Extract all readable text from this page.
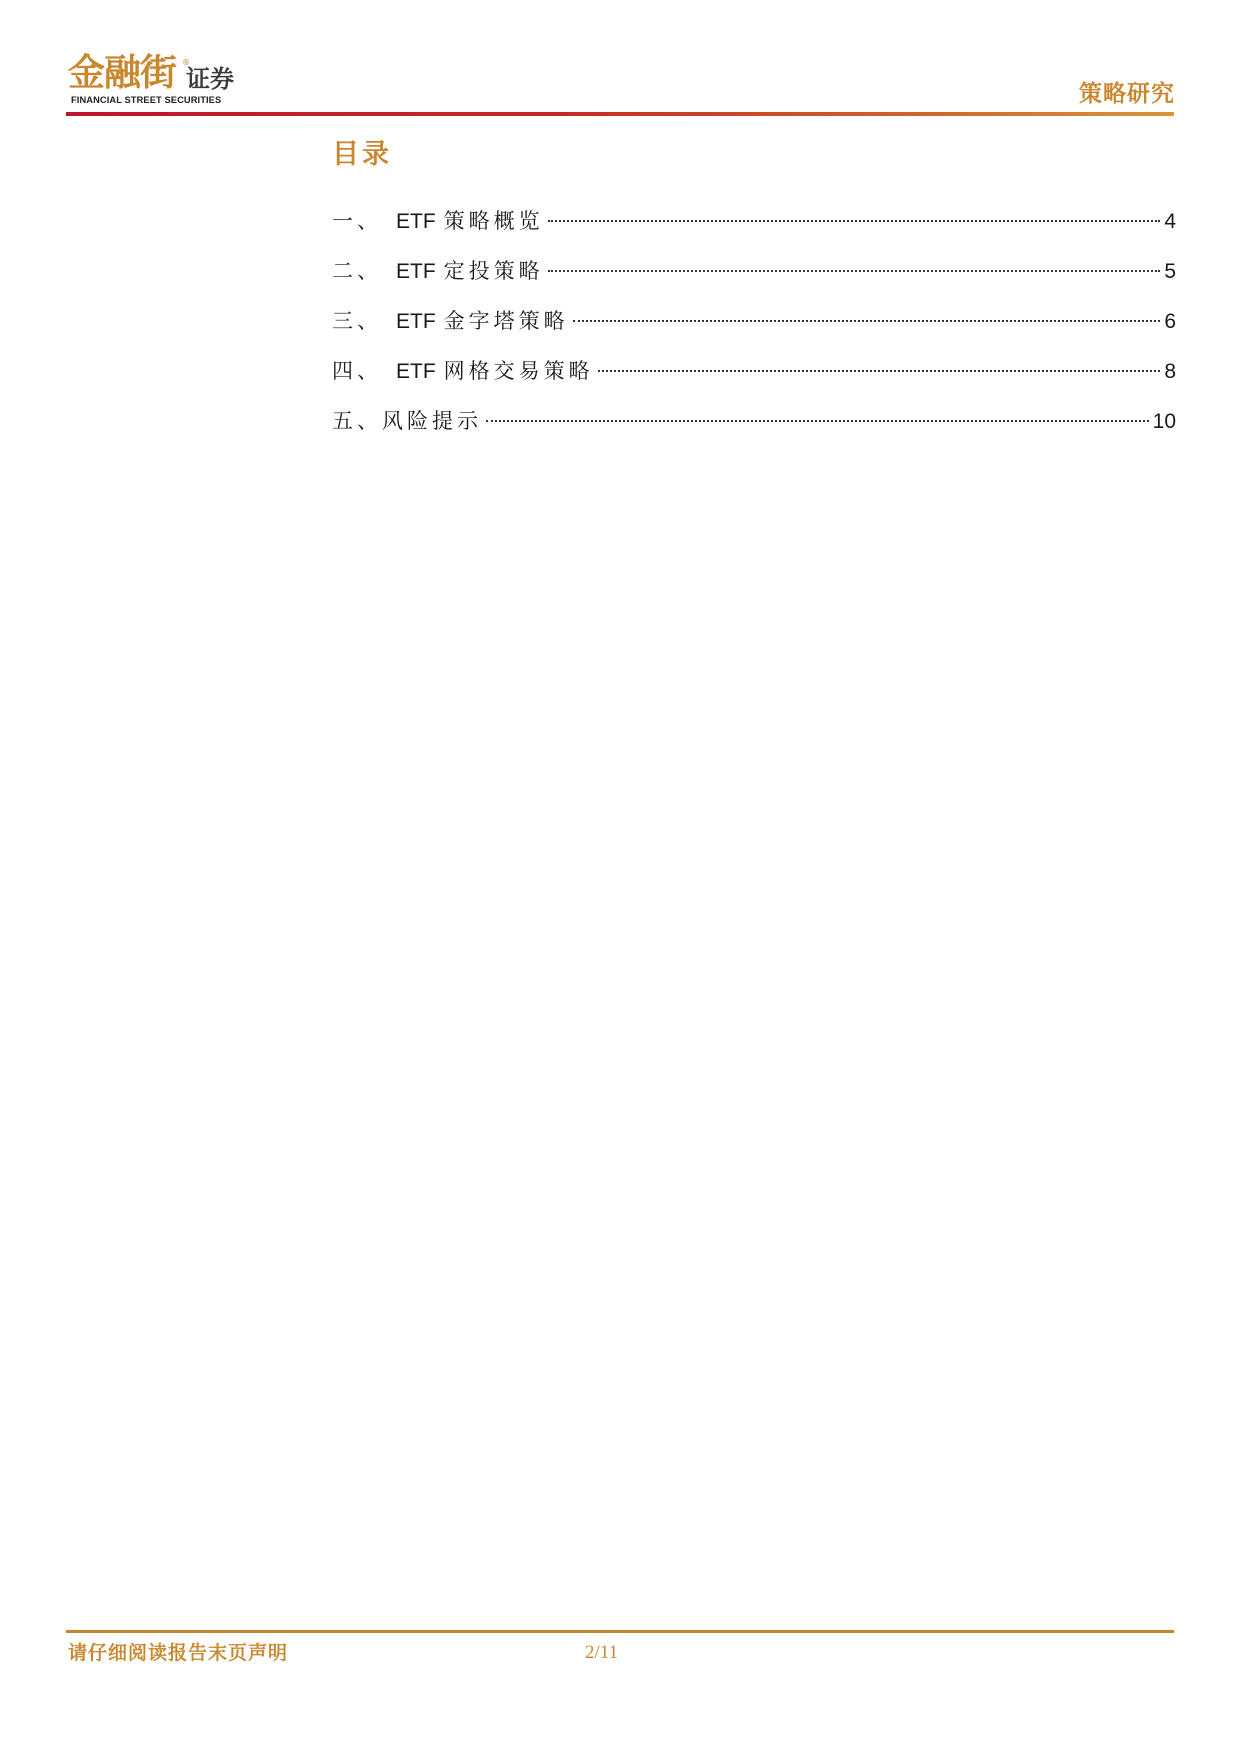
金融街 ®
证券
FINANCIAL STREET SECURITIES	策略研究
目录
一、 ETF 策略概览	4
二、 ETF 定投策略	5
三、 ETF 金字塔策略	6
四、 ETF 网格交易策略	8
五、 风险提示	10
请仔细阅读报告末页声明	2/11
